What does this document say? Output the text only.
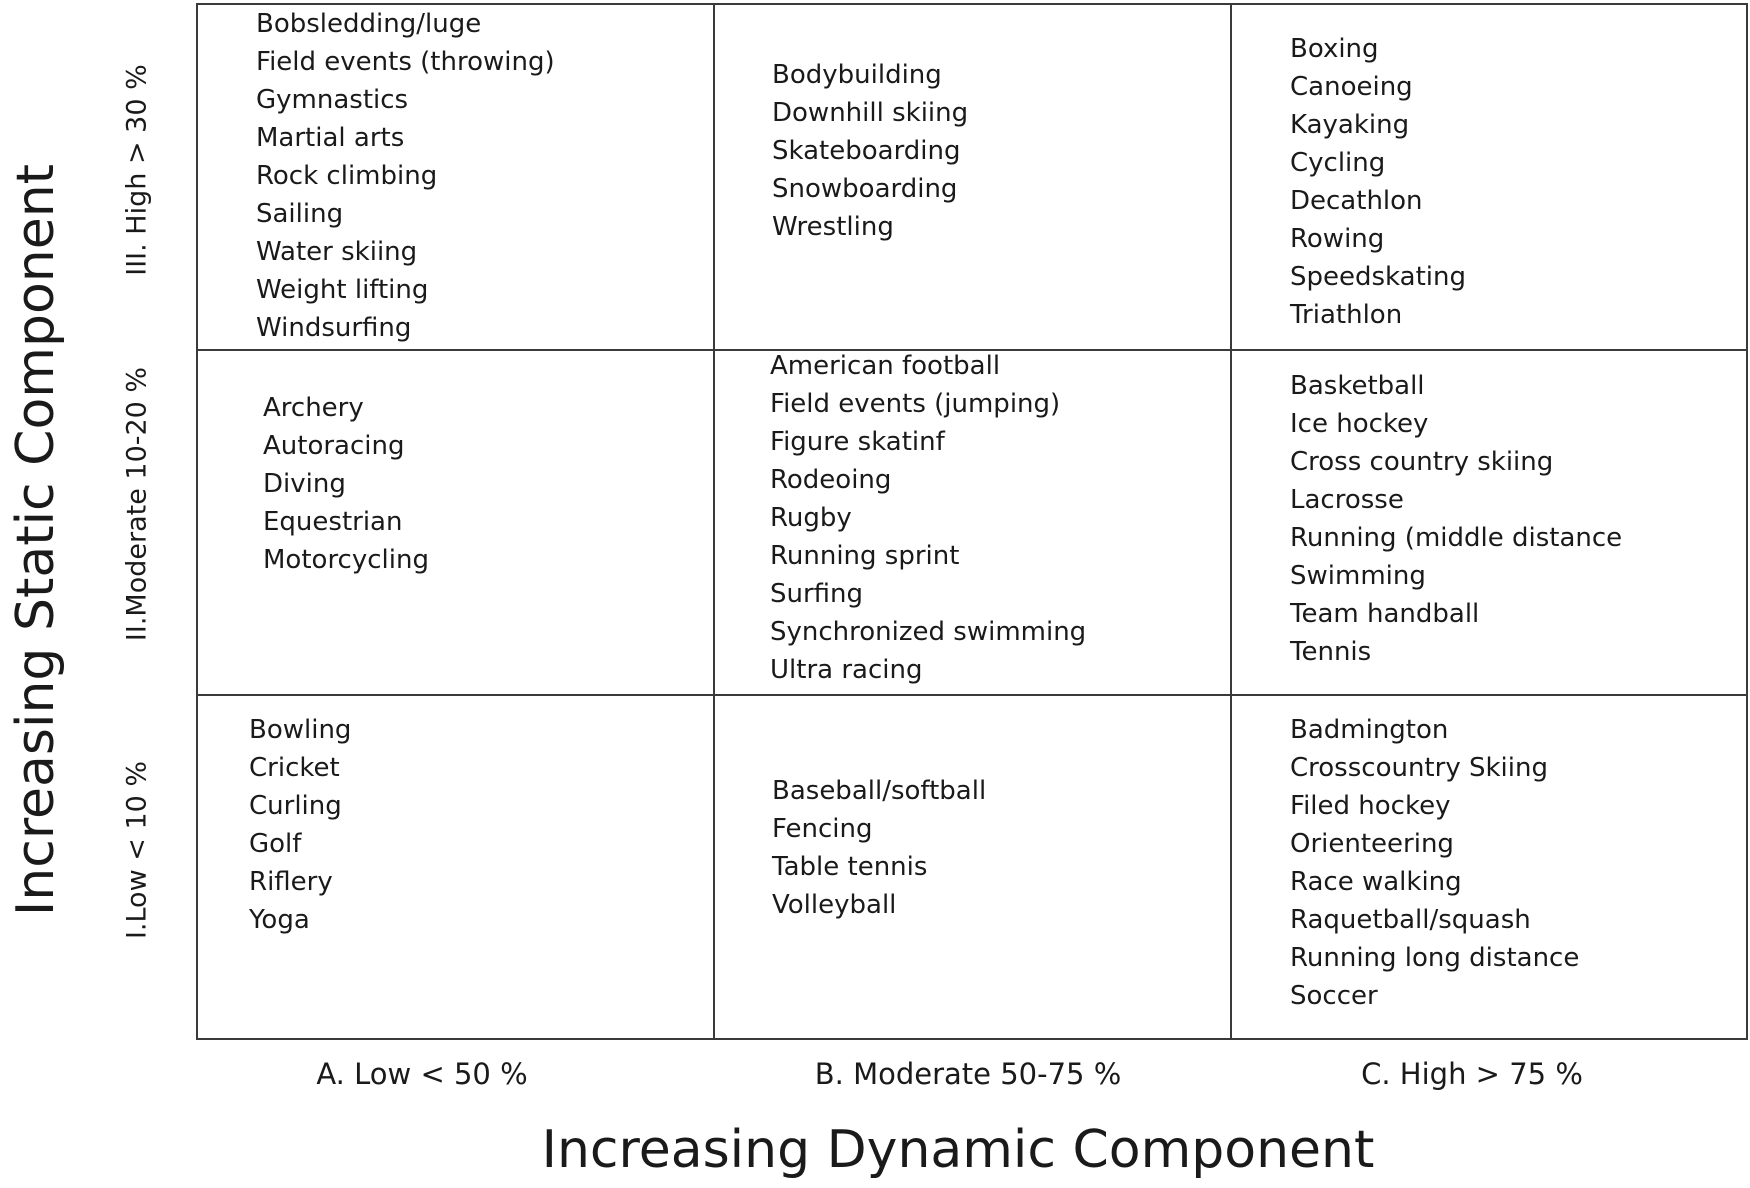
Increasing Static Component III. High > 30 %
II.Moderate 10-20 %
I.Low < 10 %
Bobsledding/luge
Field events (throwing)
Gymnastics
Martial arts
Rock climbing
Sailing
Water skiing
Weight lifting
Windsurfing
Bodybuilding
Downhill skiing
Skateboarding
Snowboarding
Wrestling
Boxing
Canoeing
Kayaking
Cycling
Decathlon
Rowing
Speedskating
Triathlon
Archery
Autoracing
Diving
Equestrian
Motorcycling
American football
Field events (jumping)
Figure skatinf
Rodeoing
Rugby
Running sprint
Surfing
Synchronized swimming
Ultra racing
Basketball
Ice hockey
Cross country skiing
Lacrosse
Running (middle distance
Swimming
Team handball
Tennis
Bowling
Cricket
Curling
Golf
Riflery
Yoga
Baseball/softball
Fencing
Table tennis
Volleyball
Badmington
Crosscountry Skiing
Filed hockey
Orienteering
Race walking
Raquetball/squash
Running long distance
Soccer
A. Low < 50 %	B. Moderate 50-75 %	C. High > 75 %
Increasing Dynamic Component
